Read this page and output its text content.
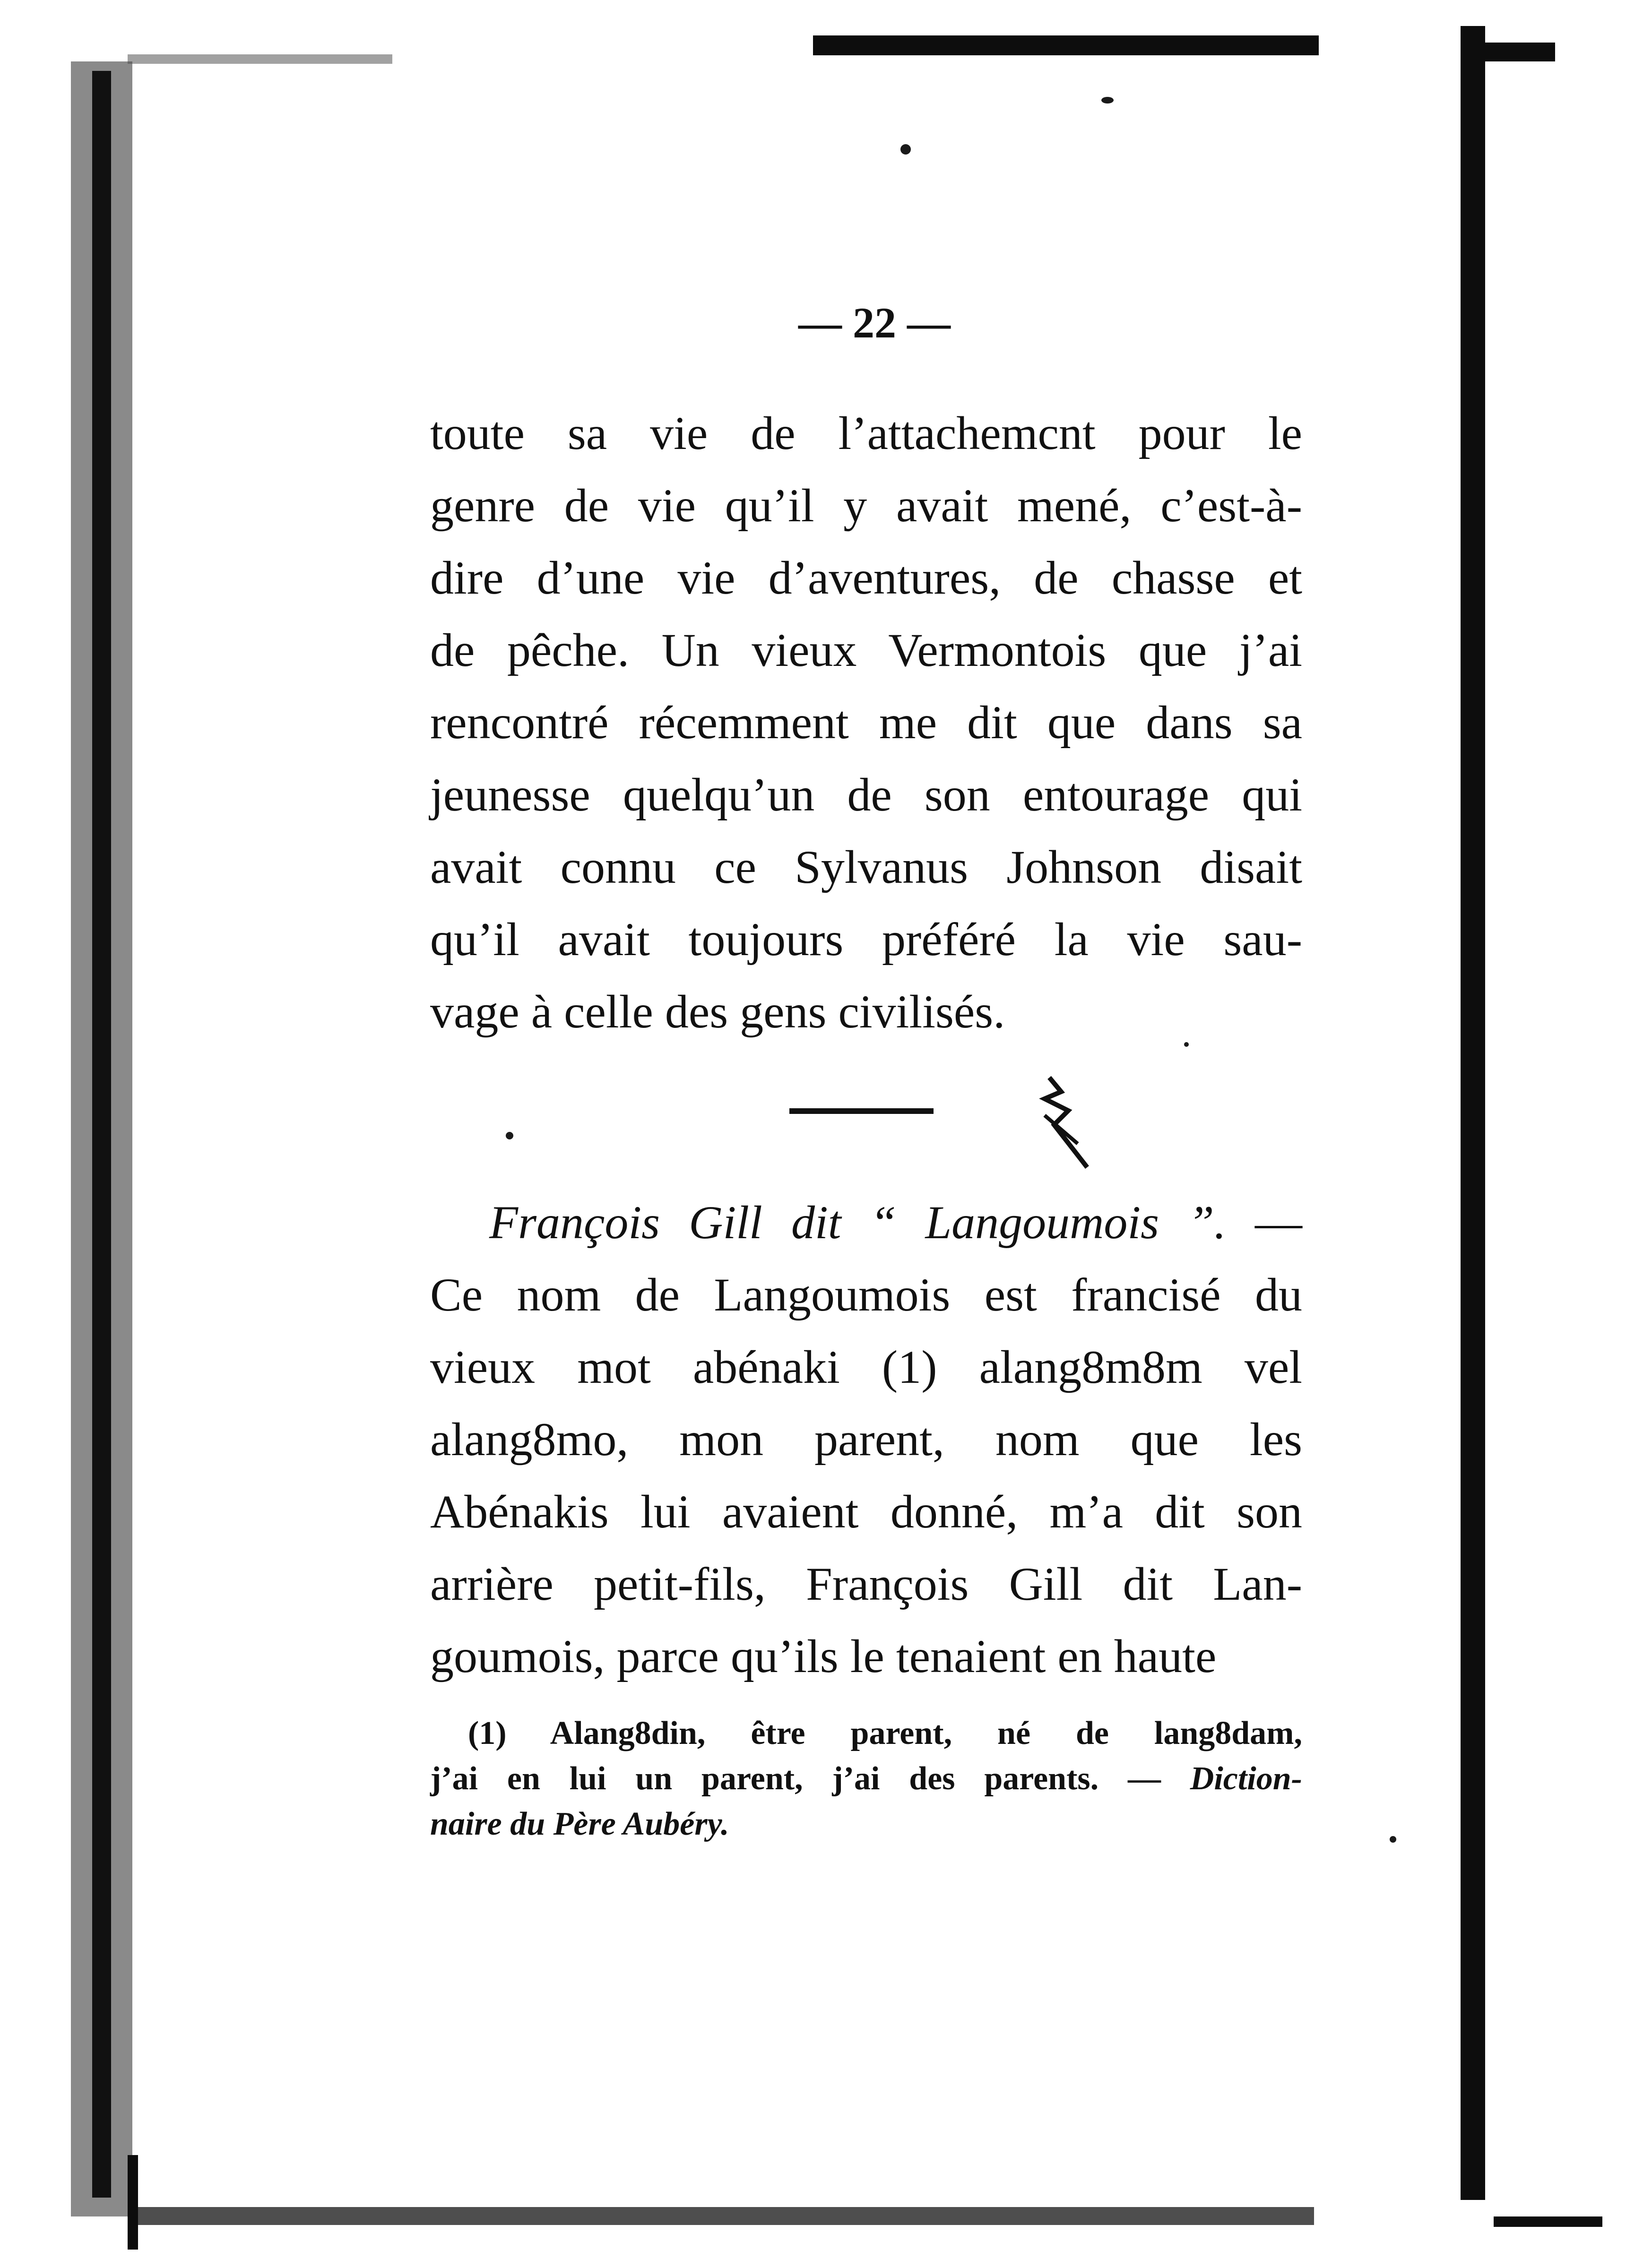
— 22 —
toute sa vie de l’attachemcnt pour le
genre de vie qu’il y avait mené, c’est-à-
dire d’une vie d’aventures, de chasse et
de pêche. Un vieux Vermontois que j’ai
rencontré récemment me dit que dans sa
jeunesse quelqu’un de son entourage qui
avait connu ce Sylvanus Johnson disait
qu’il avait toujours préféré la vie sau-
vage à celle des gens civilisés.
François Gill dit “ Langoumois ”. —
Ce nom de Langoumois est francisé du
vieux mot abénaki (1) alang8m8m vel
alang8mo, mon parent, nom que les
Abénakis lui avaient donné, m’a dit son
arrière petit-fils, François Gill dit Lan-
goumois, parce qu’ils le tenaient en haute
(1) Alang8din, être parent, né de lang8dam,
j’ai en lui un parent, j’ai des parents. — Diction-
naire du Père Aubéry.
